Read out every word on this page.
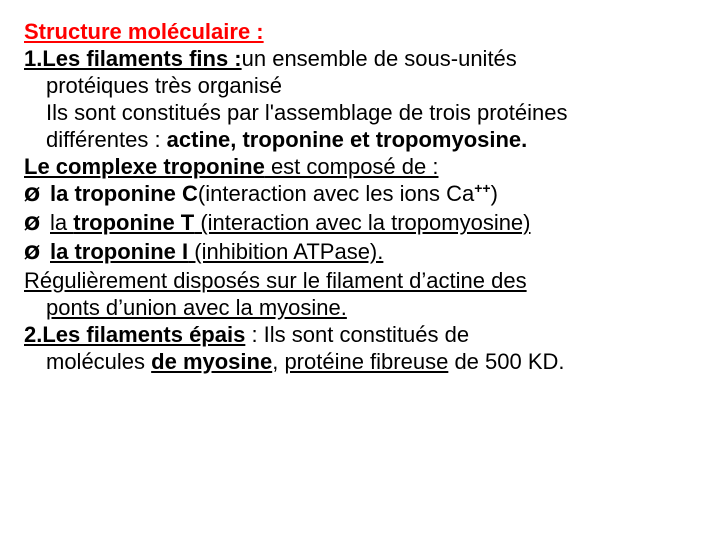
Structure moléculaire :

1.Les filaments fins :un ensemble de sous-unités

protéiques très organisé

Ils sont constitués par l'assemblage de trois protéines

différentes : actine, troponine et tropomyosine.

Le complexe troponine est composé de :

Ø la troponine C(interaction avec les ions Ca++)

Ø la troponine T (interaction avec la tropomyosine)

Ø la troponine I (inhibition ATPase).

Régulièrement disposés sur le filament d’actine des

ponts d’union avec la myosine.

2.Les filaments épais : Ils sont constitués de

molécules de myosine, protéine fibreuse de 500 KD.
